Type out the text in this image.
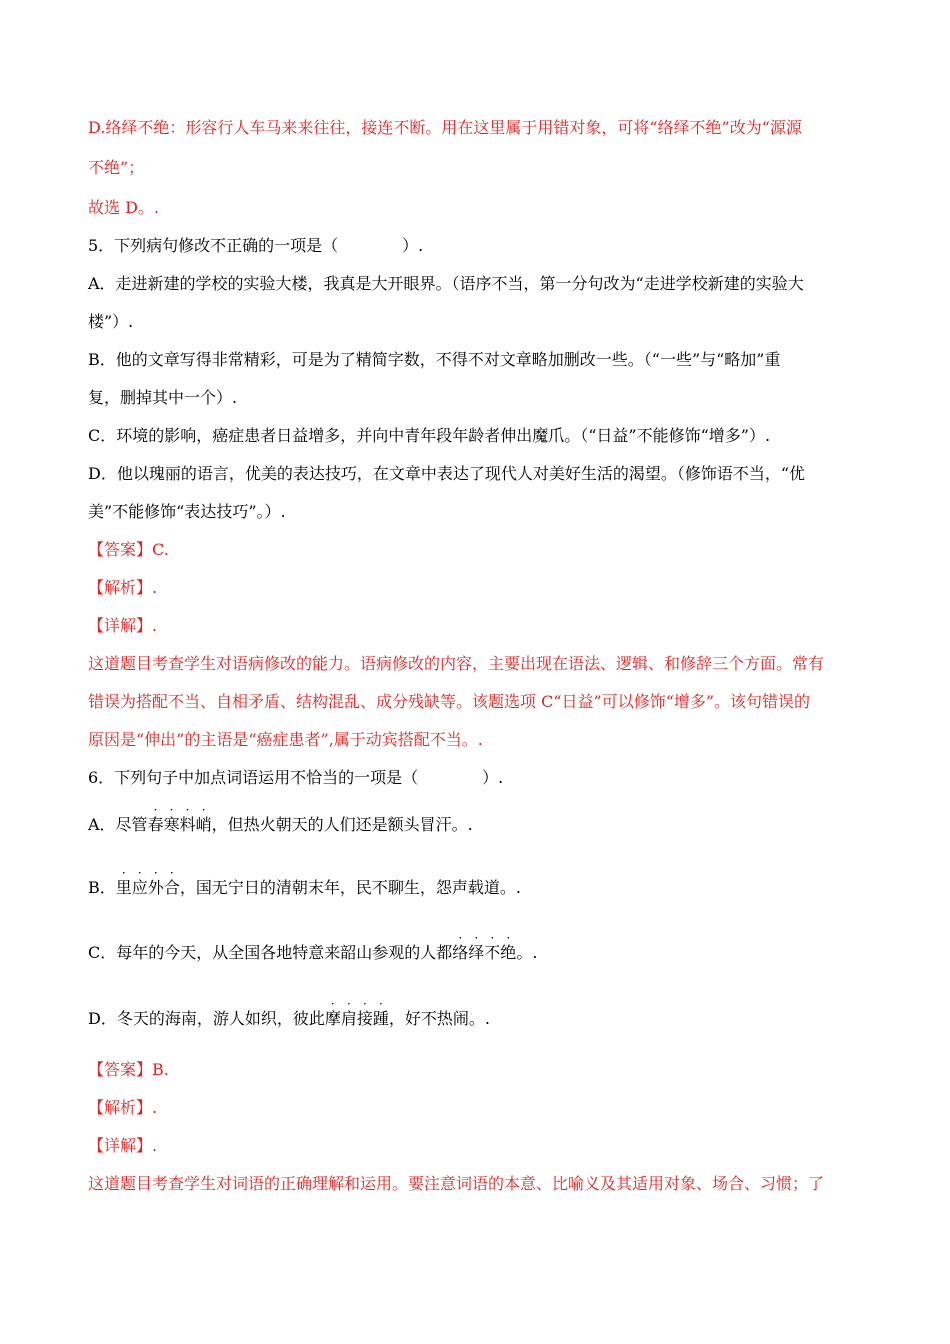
D.络绎不绝：形容行人车马来来往往，接连不断。用在这里属于用错对象，可将“络绎不绝”改为“源源
不绝”；
故选 D。.
5．下列病句修改不正确的一项是（　　　　）.
A．走进新建的学校的实验大楼，我真是大开眼界。（语序不当，第一分句改为“走进学校新建的实验大
楼”）.
B．他的文章写得非常精彩，可是为了精简字数，不得不对文章略加删改一些。（“一些”与“略加”重
复，删掉其中一个）.
C．环境的影响，癌症患者日益增多，并向中青年段年龄者伸出魔爪。（“日益”不能修饰“增多”）.
D．他以瑰丽的语言，优美的表达技巧，在文章中表达了现代人对美好生活的渴望。（修饰语不当，“优
美”不能修饰“表达技巧”。）.
【答案】C.
【解析】.
【详解】.
这道题目考查学生对语病修改的能力。语病修改的内容，主要出现在语法、逻辑、和修辞三个方面。常有
错误为搭配不当、自相矛盾、结构混乱、成分残缺等。该题选项 C“日益”可以修饰“增多”。该句错误的
原因是“伸出”的主语是“癌症患者”,属于动宾搭配不当。.
6．下列句子中加点词语运用不恰当的一项是（　　　　）.
A．尽管
·
春
·
寒
·
料
·
峭，但热火朝天的人们还是额头冒汗。.
B．
·
里
·
应
·
外
·
合，国无宁日的清朝末年，民不聊生，怨声载道。.
C．每年的今天，从全国各地特意来韶山参观的人都
·
络
·
绎
·
不
·
绝。.
D．冬天的海南，游人如织，彼此
·
摩
·
肩
·
接
·
踵，好不热闹。.
【答案】B.
【解析】.
【详解】.
这道题目考查学生对词语的正确理解和运用。要注意词语的本意、比喻义及其适用对象、场合、习惯；了
